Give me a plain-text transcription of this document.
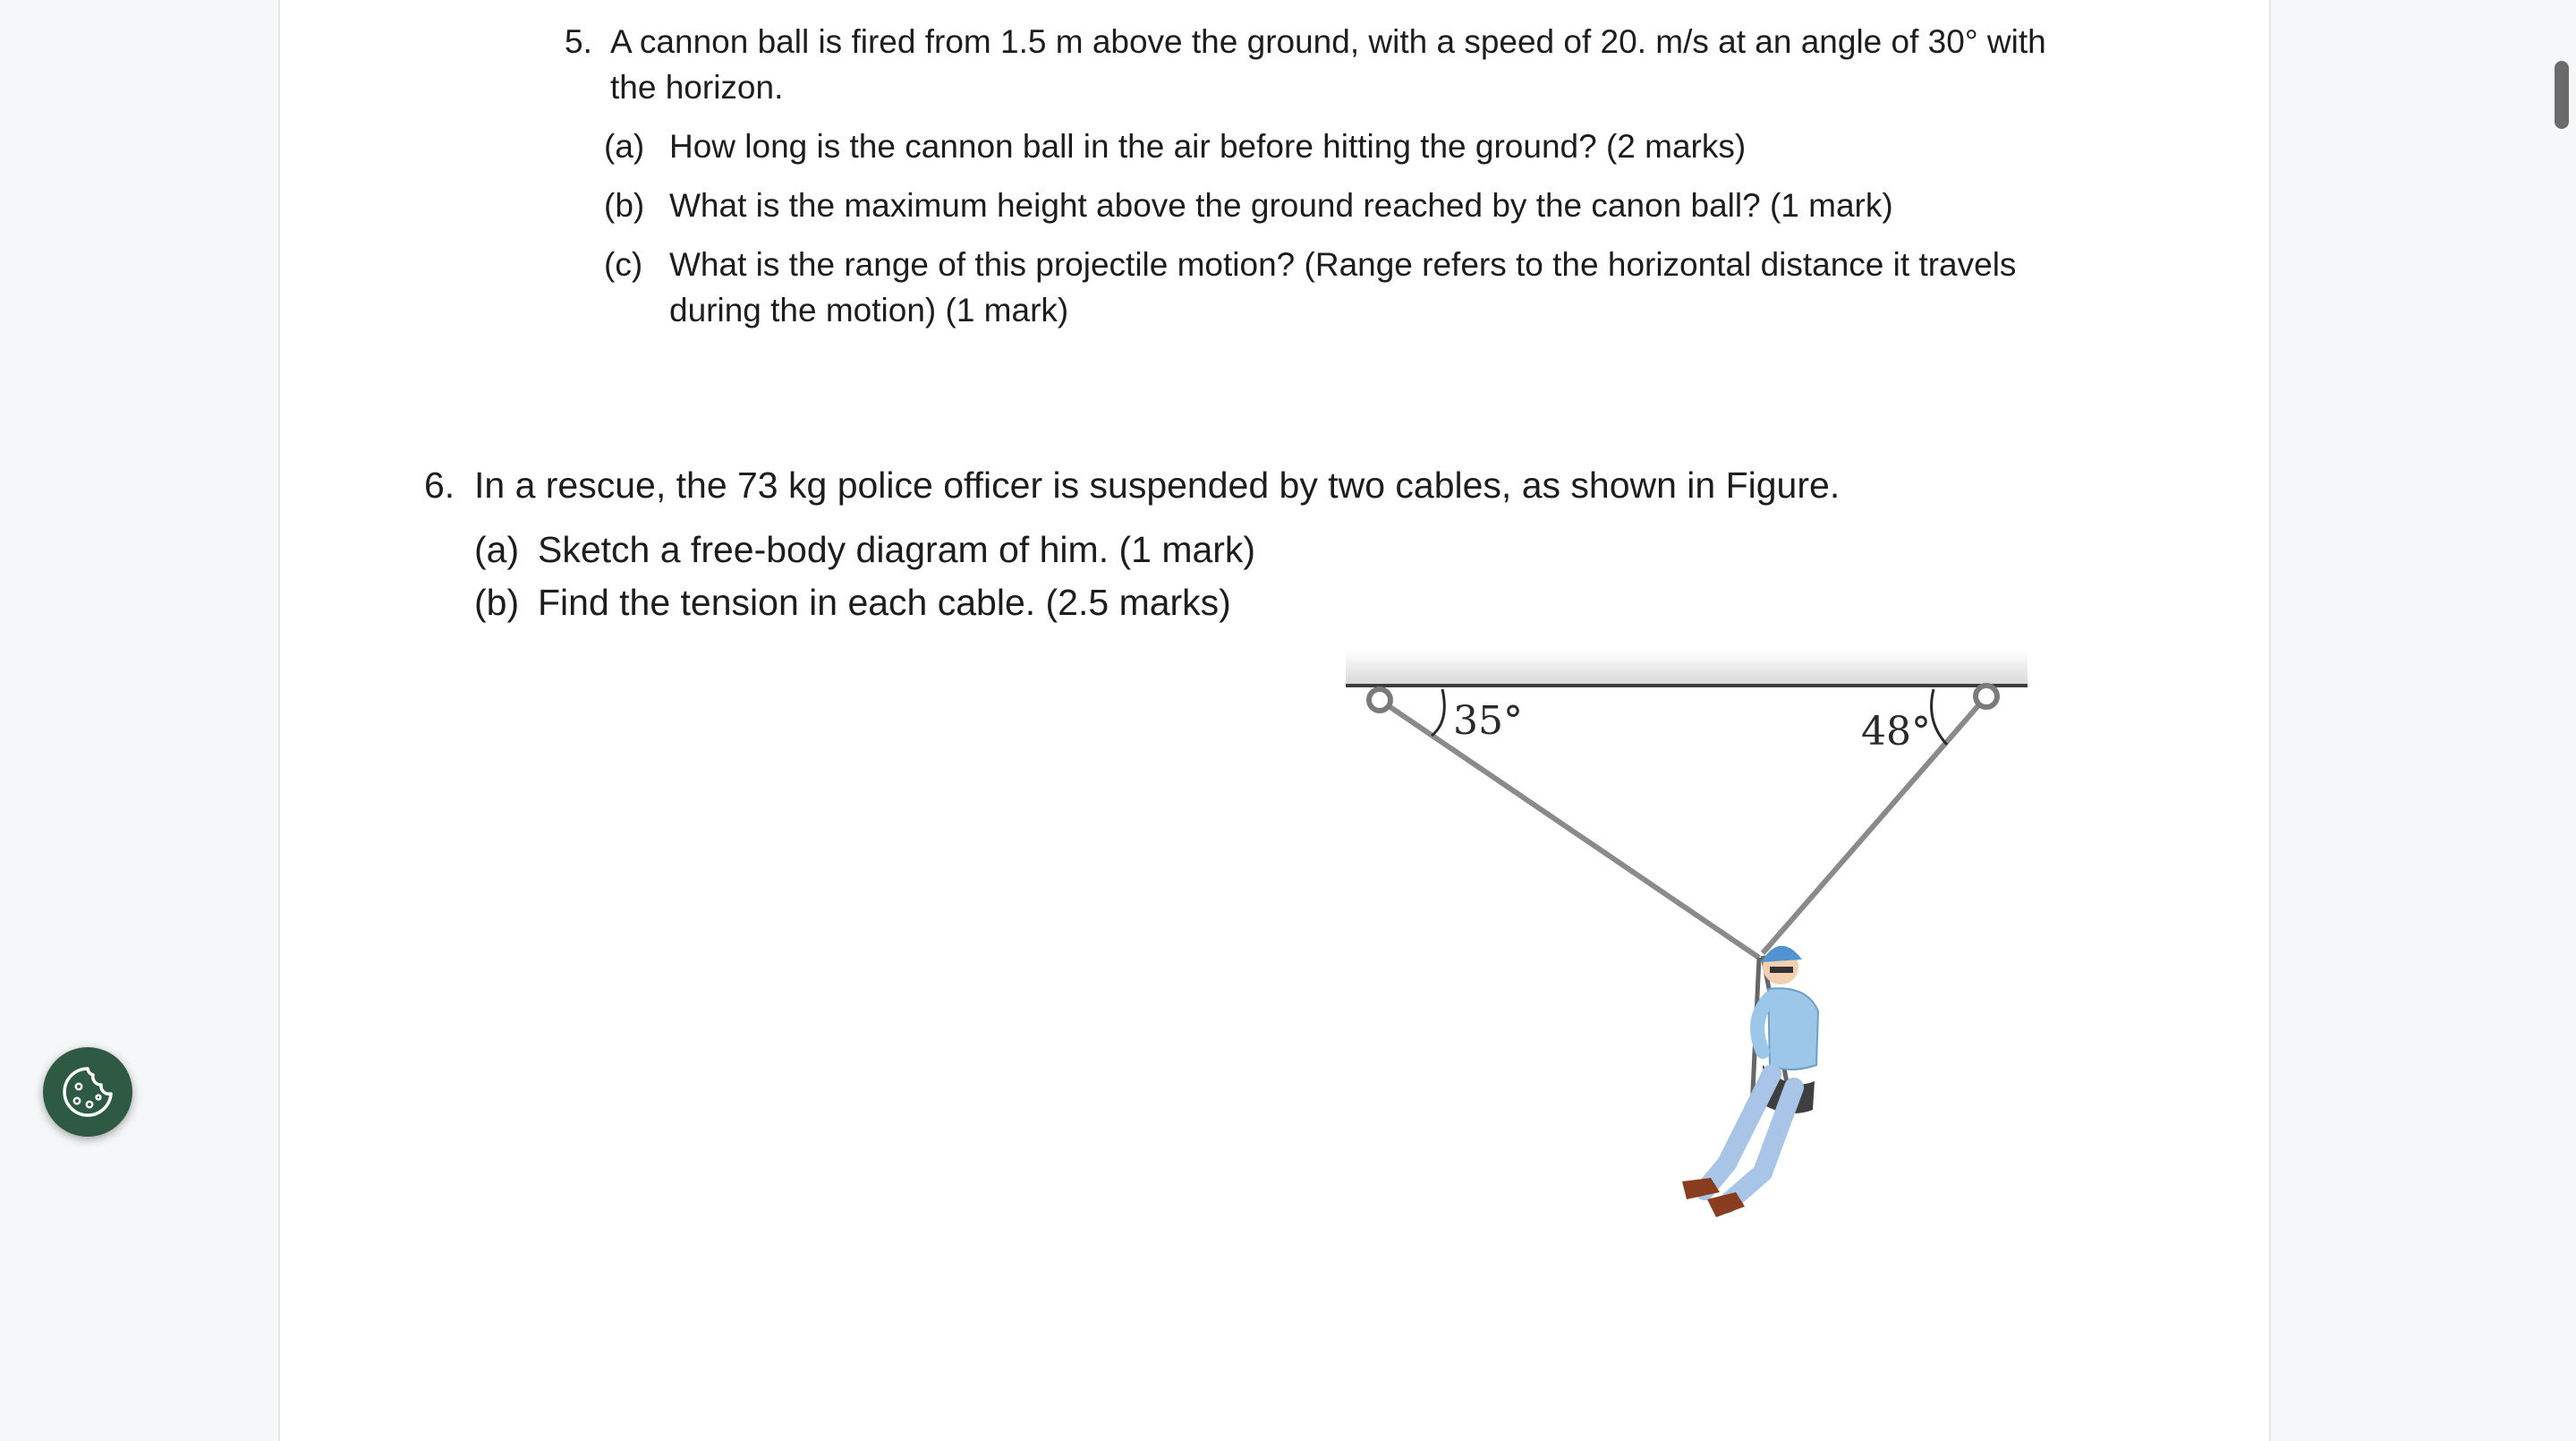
5. A cannon ball is fired from 1.5 m above the ground, with a speed of 20. m/s at an angle of 30° with
the horizon.
(a) How long is the cannon ball in the air before hitting the ground? (2 marks)
(b) What is the maximum height above the ground reached by the canon ball? (1 mark)
(c) What is the range of this projectile motion? (Range refers to the horizontal distance it travels
during the motion) (1 mark)
6. In a rescue, the 73 kg police officer is suspended by two cables, as shown in Figure.
(a) Sketch a free-body diagram of him. (1 mark)
(b) Find the tension in each cable. (2.5 marks)
35°	48°
